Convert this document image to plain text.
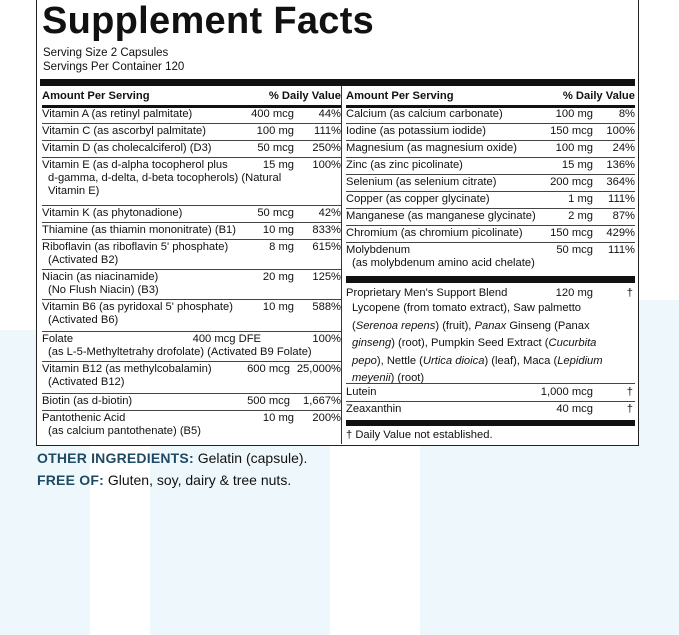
Supplement Facts
Serving Size 2 Capsules
Servings Per Container 120
Amount Per Serving	% Daily Value
Vitamin A (as retinyl palmitate)	400 mcg 44%
Vitamin C (as ascorbyl palmitate)	100 mg 111%
Vitamin D (as cholecalciferol) (D3)	50 mcg 250%
Vitamin E (as d-alpha tocopherol plus	15 mg 100%
d-gamma, d-delta, d-beta tocopherols) (Natural
Vitamin E)
Vitamin K (as phytonadione)	50 mcg 42%
Thiamine (as thiamin mononitrate) (B1) 10 mg 833%
Riboflavin (as riboflavin 5' phosphate)	8 mg 615%
(Activated B2)
Niacin (as niacinamide)	20 mg 125%
(No Flush Niacin) (B3)
Vitamin B6 (as pyridoxal 5' phosphate)	10 mg 588%
(Activated B6)
Folate	400 mcg DFE	100%
(as L-5-Methyltetrahy drofolate) (Activated B9 Folate)
Vitamin B12 (as methylcobalamin)	600 mcg 25,000%
(Activated B12)
Biotin (as d-biotin)	500 mcg 1,667%
Pantothenic Acid	10 mg 200%
(as calcium pantothenate) (B5)
Amount Per Serving	% Daily Value
Calcium (as calcium carbonate)	100 mg 8%
Iodine (as potassium iodide)	150 mcg 100%
Magnesium (as magnesium oxide)	100 mg 24%
Zinc (as zinc picolinate)	15 mg 136%
Selenium (as selenium citrate)	200 mcg 364%
Copper (as copper glycinate)	1 mg 111%
Manganese (as manganese glycinate)	2 mg 87%
Chromium (as chromium picolinate) 150 mcg 429%
Molybdenum	50 mcg 111%
(as molybdenum amino acid chelate)
Proprietary Men's Support Blend	120 mg	†
Lycopene (from tomato extract), Saw palmetto
(Serenoa repens) (fruit), Panax Ginseng (Panax
ginseng) (root), Pumpkin Seed Extract (Cucurbita
pepo), Nettle (Urtica dioica) (leaf), Maca (Lepidium
meyenii) (root)
Lutein	1,000 mcg	†
Zeaxanthin	40 mcg	†
† Daily Value not established.
OTHER INGREDIENTS: Gelatin (capsule).
FREE OF: Gluten, soy, dairy & tree nuts.
